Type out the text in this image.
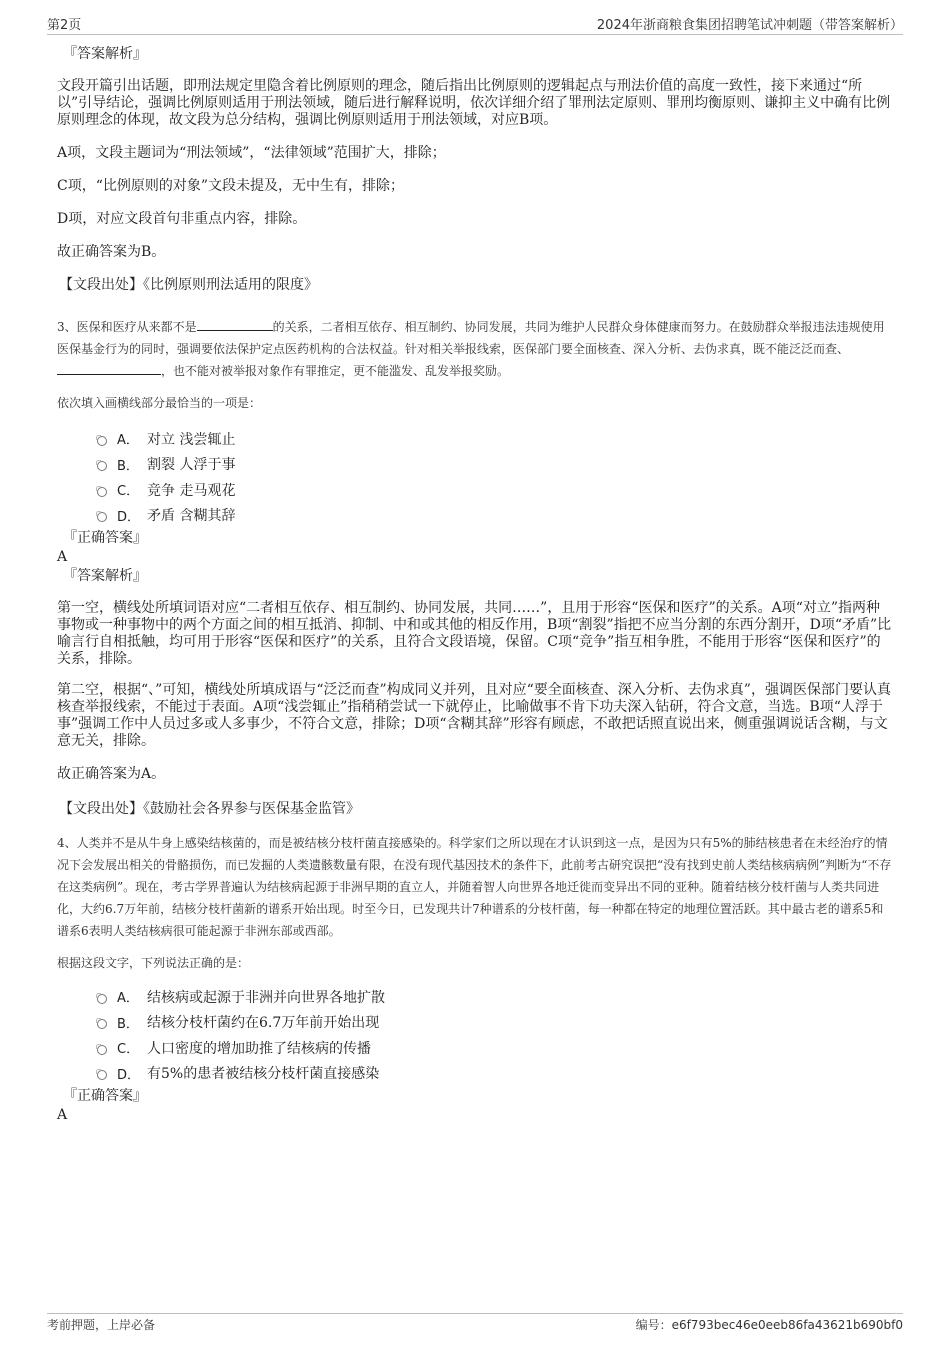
第2页	2024年浙商粮食集团招聘笔试冲刺题（带答案解析）
『答案解析』

文段开篇引出话题，即刑法规定里隐含着比例原则的理念，随后指出比例原则的逻辑起点与刑法价值的高度一致性，接下来通过“所以”引导结论，强调比例原则适用于刑法领域，随后进行解释说明，依次详细介绍了罪刑法定原则、罪刑均衡原则、谦抑主义中确有比例原则理念的体现，故文段为总分结构，强调比例原则适用于刑法领域，对应B项。

A项，文段主题词为“刑法领域”，“法律领域”范围扩大，排除；

C项，“比例原则的对象”文段未提及，无中生有，排除；

D项，对应文段首句非重点内容，排除。

故正确答案为B。

【文段出处】《比例原则刑法适用的限度》

3、医保和医疗从来都不是	的关系，二者相互依存、相互制约、协同发展，共同为维护人民群众身体健康而努力。在鼓励群众举报违法违规使用医保基金行为的同时，强调要依法保护定点医药机构的合法权益。针对相关举报线索，医保部门要全面核查、深入分析、去伪求真，既不能泛泛而查、，也不能对被举报对象作有罪推定，更不能滥发、乱发举报奖励。

依次填入画横线部分最恰当的一项是：

A． 对立 浅尝辄止
B． 割裂 人浮于事
C． 竞争 走马观花
D． 矛盾 含糊其辞
『正确答案』
A
『答案解析』

第一空，横线处所填词语对应“二者相互依存、相互制约、协同发展，共同……”，且用于形容“医保和医疗”的关系。A项“对立”指两种事物或一种事物中的两个方面之间的相互抵消、抑制、中和或其他的相反作用，B项“割裂”指把不应当分割的东西分割开，D项“矛盾”比喻言行自相抵触，均可用于形容“医保和医疗”的关系，且符合文段语境，保留。C项“竞争”指互相争胜，不能用于形容“医保和医疗”的关系，排除。

第二空，根据“、”可知，横线处所填成语与“泛泛而查”构成同义并列，且对应“要全面核查、深入分析、去伪求真”，强调医保部门要认真核查举报线索，不能过于表面。A项“浅尝辄止”指稍稍尝试一下就停止，比喻做事不肯下功夫深入钻研，符合文意，当选。B项“人浮于事”强调工作中人员过多或人多事少，不符合文意，排除；D项“含糊其辞”形容有顾虑，不敢把话照直说出来，侧重强调说话含糊，与文意无关，排除。

故正确答案为A。

【文段出处】《鼓励社会各界参与医保基金监管》

4、人类并不是从牛身上感染结核菌的，而是被结核分枝杆菌直接感染的。科学家们之所以现在才认识到这一点，是因为只有5%的肺结核患者在未经治疗的情况下会发展出相关的骨骼损伤，而已发掘的人类遗骸数量有限，在没有现代基因技术的条件下，此前考古研究误把“没有找到史前人类结核病病例”判断为“不存在这类病例”。现在，考古学界普遍认为结核病起源于非洲早期的直立人，并随着智人向世界各地迁徙而变异出不同的亚种。随着结核分枝杆菌与人类共同进化，大约6.7万年前，结核分枝杆菌新的谱系开始出现。时至今日，已发现共计7种谱系的分枝杆菌，每一种都在特定的地理位置活跃。其中最古老的谱系5和谱系6表明人类结核病很可能起源于非洲东部或西部。

根据这段文字，下列说法正确的是：

A． 结核病或起源于非洲并向世界各地扩散
B． 结核分枝杆菌约在6.7万年前开始出现
C． 人口密度的增加助推了结核病的传播
D． 有5%的患者被结核分枝杆菌直接感染
『正确答案』
A
考前押题，上岸必备	编号：e6f793bec46e0eeb86fa43621b690bf0
